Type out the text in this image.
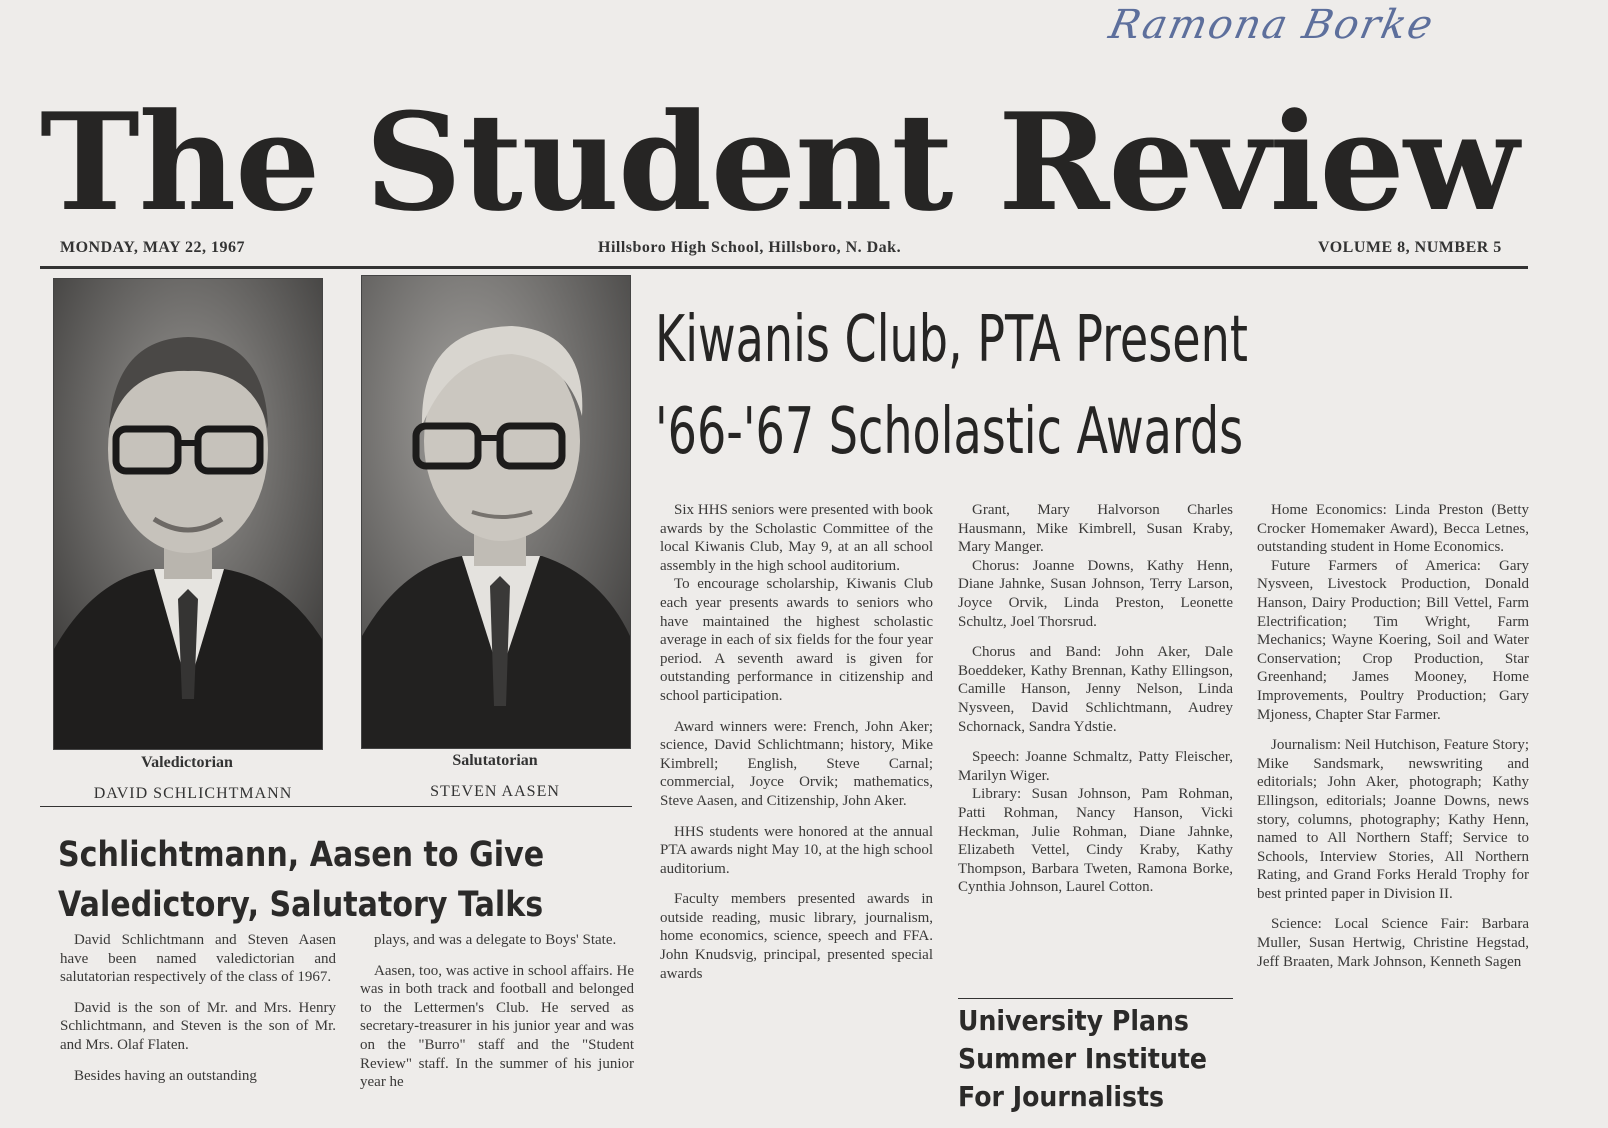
Ramona Borke
The Student Review
MONDAY, MAY 22, 1967	Hillsboro High School, Hillsboro, N. Dak.	VOLUME 8, NUMBER 5
Valedictorian
DAVID SCHLICHTMANN
Salutatorian
STEVEN AASEN
Kiwanis Club, PTA Present
'66-'67 Scholastic Awards

Six HHS seniors were presented with book awards by the Scholastic Committee of the local Kiwanis Club, May 9, at an all school assembly in the high school auditorium.

To encourage scholarship, Kiwanis Club each year presents awards to seniors who have maintained the highest scholastic average in each of six fields for the four year period. A seventh award is given for outstanding performance in citizenship and school participation.

Award winners were: French, John Aker; science, David Schlichtmann; history, Mike Kimbrell; English, Steve Carnal; commercial, Joyce Orvik; mathematics, Steve Aasen, and Citizenship, John Aker.

HHS students were honored at the annual PTA awards night May 10, at the high school auditorium.

Faculty members presented awards in outside reading, music library, journalism, home economics, science, speech and FFA. John Knudsvig, principal, presented special awards

Grant, Mary Halvorson Charles Hausmann, Mike Kimbrell, Susan Kraby, Mary Manger.

Chorus: Joanne Downs, Kathy Henn, Diane Jahnke, Susan Johnson, Terry Larson, Joyce Orvik, Linda Preston, Leonette Schultz, Joel Thorsrud.

Chorus and Band: John Aker, Dale Boeddeker, Kathy Brennan, Kathy Ellingson, Camille Hanson, Jenny Nelson, Linda Nysveen, David Schlichtmann, Audrey Schornack, Sandra Ydstie.

Speech: Joanne Schmaltz, Patty Fleischer, Marilyn Wiger.

Library: Susan Johnson, Pam Rohman, Patti Rohman, Nancy Hanson, Vicki Heckman, Julie Rohman, Diane Jahnke, Elizabeth Vettel, Cindy Kraby, Kathy Thompson, Barbara Tweten, Ramona Borke, Cynthia Johnson, Laurel Cotton.

University Plans
Summer Institute
For Journalists

Home Economics: Linda Preston (Betty Crocker Homemaker Award), Becca Letnes, outstanding student in Home Economics.

Future Farmers of America: Gary Nysveen, Livestock Production, Donald Hanson, Dairy Production; Bill Vettel, Farm Electrification; Tim Wright, Farm Mechanics; Wayne Koering, Soil and Water Conservation; Crop Production, Star Greenhand; James Mooney, Home Improvements, Poultry Production; Gary Mjoness, Chapter Star Farmer.

Journalism: Neil Hutchison, Feature Story; Mike Sandsmark, newswriting and editorials; John Aker, photograph; Kathy Ellingson, editorials; Joanne Downs, news story, columns, photography; Kathy Henn, named to All Northern Staff; Service to Schools, Interview Stories, All Northern Rating, and Grand Forks Herald Trophy for best printed paper in Division II.

Science: Local Science Fair: Barbara Muller, Susan Hertwig, Christine Hegstad, Jeff Braaten, Mark Johnson, Kenneth Sagen

Schlichtmann, Aasen to Give
Valedictory, Salutatory Talks

David Schlichtmann and Steven Aasen have been named valedictorian and salutatorian respectively of the class of 1967.

David is the son of Mr. and Mrs. Henry Schlichtmann, and Steven is the son of Mr. and Mrs. Olaf Flaten.

Besides having an outstanding

plays, and was a delegate to Boys' State.

Aasen, too, was active in school affairs. He was in both track and football and belonged to the Lettermen's Club. He served as secretary-treasurer in his junior year and was on the "Burro" staff and the "Student Review" staff. In the summer of his junior year he
